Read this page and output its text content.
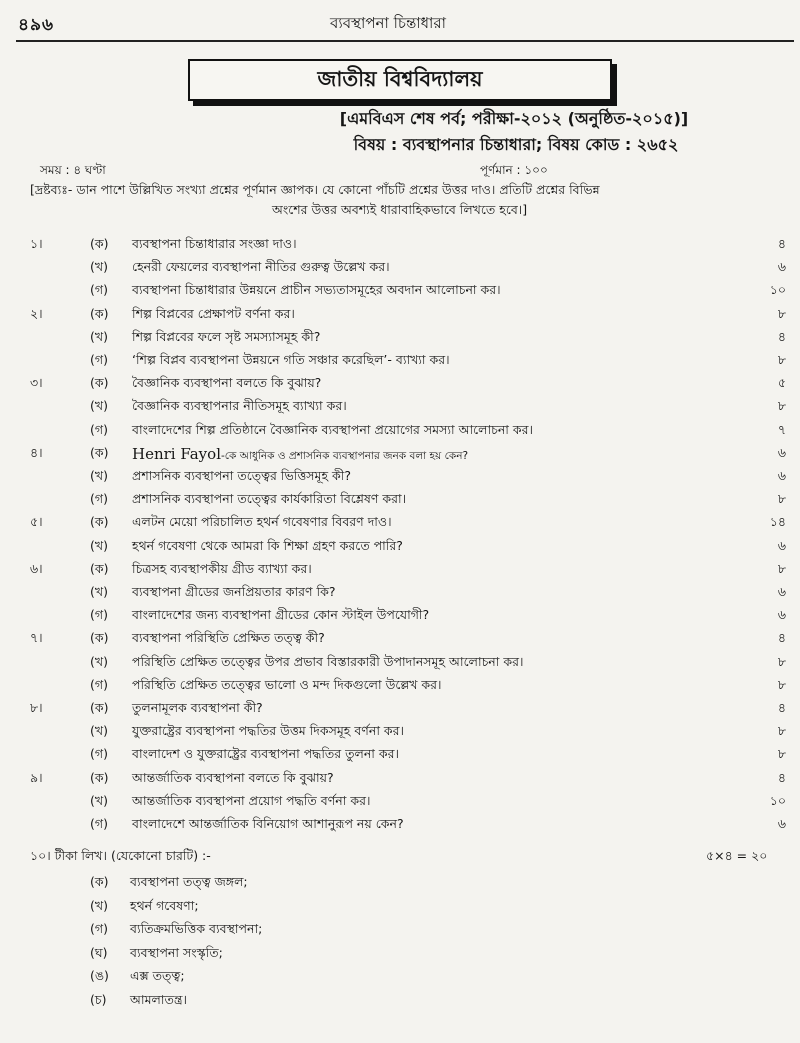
৪৯৬	ব্যবস্থাপনা চিন্তাধারা
জাতীয় বিশ্ববিদ্যালয়
[এমবিএস শেষ পর্ব; পরীক্ষা-২০১২ (অনুষ্ঠিত-২০১৫)]
বিষয় : ব্যবস্থাপনার চিন্তাধারা; বিষয় কোড : ২৬৫২
সময় : ৪ ঘণ্টা	পূর্ণমান : ১০০
[দ্রষ্টব্যঃ- ডান পাশে উল্লিখিত সংখ্যা প্রশ্নের পূর্ণমান জ্ঞাপক। যে কোনো পাঁচটি প্রশ্নের উত্তর দাও। প্রতিটি প্রশ্নের বিভিন্ন
অংশের উত্তর অবশ্যই ধারাবাহিকভাবে লিখতে হবে।]
১।	(ক) ব্যবস্থাপনা চিন্তাধারার সংজ্ঞা দাও।	৪
(খ) হেনরী ফেয়লের ব্যবস্থাপনা নীতির গুরুত্ব উল্লেখ কর।	৬
(গ) ব্যবস্থাপনা চিন্তাধারার উন্নয়নে প্রাচীন সভ্যতাসমূহের অবদান আলোচনা কর।	১০
২।	(ক) শিল্প বিপ্লবের প্রেক্ষাপট বর্ণনা কর।	৮
(খ) শিল্প বিপ্লবের ফলে সৃষ্ট সমস্যাসমূহ কী?	৪
(গ) ‘শিল্প বিপ্লব ব্যবস্থাপনা উন্নয়নে গতি সঞ্চার করেছিল’- ব্যাখ্যা কর।	৮
৩।	(ক) বৈজ্ঞানিক ব্যবস্থাপনা বলতে কি বুঝায়?	৫
(খ) বৈজ্ঞানিক ব্যবস্থাপনার নীতিসমূহ ব্যাখ্যা কর।	৮
(গ) বাংলাদেশের শিল্প প্রতিষ্ঠানে বৈজ্ঞানিক ব্যবস্থাপনা প্রয়োগের সমস্যা আলোচনা কর।	৭
৪।	(ক) Henri Fayol-কে আধুনিক ও প্রশাসনিক ব্যবস্থাপনার জনক বলা হয় কেন?	৬
(খ) প্রশাসনিক ব্যবস্থাপনা তত্ত্বের ভিত্তিসমূহ কী?	৬
(গ) প্রশাসনিক ব্যবস্থাপনা তত্ত্বের কার্যকারিতা বিশ্লেষণ করা।	৮
৫।	(ক) এলটন মেয়ো পরিচালিত হথর্ন গবেষণার বিবরণ দাও।	১৪
(খ) হথর্ন গবেষণা থেকে আমরা কি শিক্ষা গ্রহণ করতে পারি?	৬
৬।	(ক) চিত্রসহ ব্যবস্থাপকীয় গ্রীড ব্যাখ্যা কর।	৮
(খ) ব্যবস্থাপনা গ্রীডের জনপ্রিয়তার কারণ কি?	৬
(গ) বাংলাদেশের জন্য ব্যবস্থাপনা গ্রীডের কোন স্টাইল উপযোগী?	৬
৭।	(ক) ব্যবস্থাপনা পরিস্থিতি প্রেক্ষিত তত্ত্ব কী?	৪
(খ) পরিস্থিতি প্রেক্ষিত তত্ত্বের উপর প্রভাব বিস্তারকারী উপাদানসমূহ আলোচনা কর।	৮
(গ) পরিস্থিতি প্রেক্ষিত তত্ত্বের ভালো ও মন্দ দিকগুলো উল্লেখ কর।	৮
৮।	(ক) তুলনামূলক ব্যবস্থাপনা কী?	৪
(খ) যুক্তরাষ্ট্রের ব্যবস্থাপনা পদ্ধতির উত্তম দিকসমূহ বর্ণনা কর।	৮
(গ) বাংলাদেশ ও যুক্তরাষ্ট্রের ব্যবস্থাপনা পদ্ধতির তুলনা কর।	৮
৯।	(ক) আন্তর্জাতিক ব্যবস্থাপনা বলতে কি বুঝায়?	৪
(খ) আন্তর্জাতিক ব্যবস্থাপনা প্রয়োগ পদ্ধতি বর্ণনা কর।	১০
(গ) বাংলাদেশে আন্তর্জাতিক বিনিয়োগ আশানুরূপ নয় কেন?	৬
১০। টীকা লিখ। (যেকোনো চারটি) :-	৫×৪ = ২০
(ক) ব্যবস্থাপনা তত্ত্ব জঙ্গল;
(খ) হথর্ন গবেষণা;
(গ) ব্যতিক্রমভিত্তিক ব্যবস্থাপনা;
(ঘ) ব্যবস্থাপনা সংস্কৃতি;
(ঙ) এক্স তত্ত্ব;
(চ) আমলাতন্ত্র।
